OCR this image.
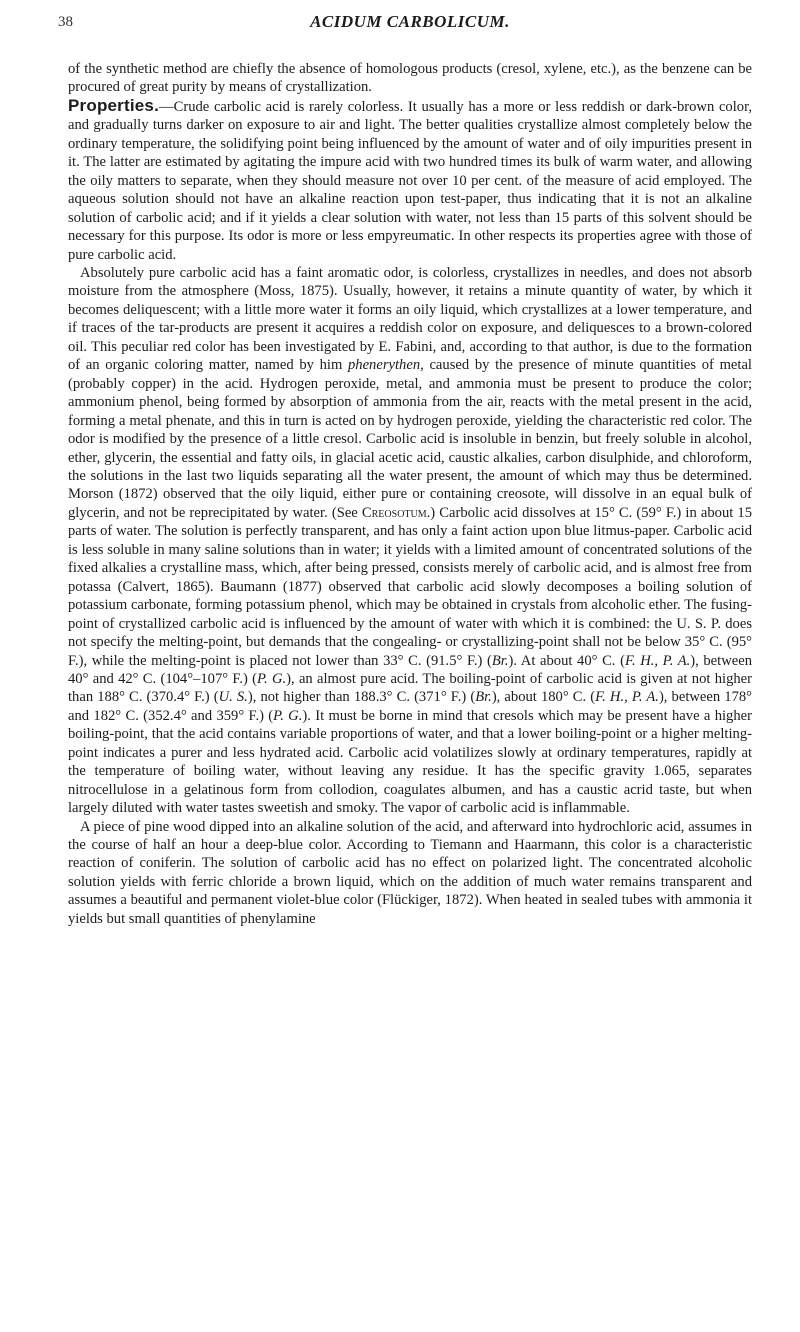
38	ACIDUM CARBOLICUM.

of the synthetic method are chiefly the absence of homologous products (cresol, xylene, etc.), as the benzene can be procured of great purity by means of crystallization.

Properties.—Crude carbolic acid is rarely colorless. It usually has a more or less reddish or dark-brown color, and gradually turns darker on exposure to air and light. The better qualities crystallize almost completely below the ordinary temperature, the solidifying point being influenced by the amount of water and of oily impurities present in it. The latter are estimated by agitating the impure acid with two hundred times its bulk of warm water, and allowing the oily matters to separate, when they should measure not over 10 per cent. of the measure of acid employed. The aqueous solution should not have an alkaline reaction upon test-paper, thus indicating that it is not an alkaline solution of carbolic acid; and if it yields a clear solution with water, not less than 15 parts of this solvent should be necessary for this purpose. Its odor is more or less empyreumatic. In other respects its properties agree with those of pure carbolic acid.

Absolutely pure carbolic acid has a faint aromatic odor, is colorless, crystallizes in needles, and does not absorb moisture from the atmosphere (Moss, 1875). Usually, however, it retains a minute quantity of water, by which it becomes deliquescent; with a little more water it forms an oily liquid, which crystallizes at a lower temperature, and if traces of the tar-products are present it acquires a reddish color on exposure, and deliquesces to a brown-colored oil. This peculiar red color has been investigated by E. Fabini, and, according to that author, is due to the formation of an organic coloring matter, named by him phenerythen, caused by the presence of minute quantities of metal (probably copper) in the acid. Hydrogen peroxide, metal, and ammonia must be present to produce the color; ammonium phenol, being formed by absorption of ammonia from the air, reacts with the metal present in the acid, forming a metal phenate, and this in turn is acted on by hydrogen peroxide, yielding the characteristic red color. The odor is modified by the presence of a little cresol. Carbolic acid is insoluble in benzin, but freely soluble in alcohol, ether, glycerin, the essential and fatty oils, in glacial acetic acid, caustic alkalies, carbon disulphide, and chloroform, the solutions in the last two liquids separating all the water present, the amount of which may thus be determined. Morson (1872) observed that the oily liquid, either pure or containing creosote, will dissolve in an equal bulk of glycerin, and not be reprecipitated by water. (See Creosotum.) Carbolic acid dissolves at 15° C. (59° F.) in about 15 parts of water. The solution is perfectly transparent, and has only a faint action upon blue litmus-paper. Carbolic acid is less soluble in many saline solutions than in water; it yields with a limited amount of concentrated solutions of the fixed alkalies a crystalline mass, which, after being pressed, consists merely of carbolic acid, and is almost free from potassa (Calvert, 1865). Baumann (1877) observed that carbolic acid slowly decomposes a boiling solution of potassium carbonate, forming potassium phenol, which may be obtained in crystals from alcoholic ether. The fusing-point of crystallized carbolic acid is influenced by the amount of water with which it is combined: the U. S. P. does not specify the melting-point, but demands that the congealing- or crystallizing-point shall not be below 35° C. (95° F.), while the melting-point is placed not lower than 33° C. (91.5° F.) (Br.). At about 40° C. (F. H., P. A.), between 40° and 42° C. (104°–107° F.) (P. G.), an almost pure acid. The boiling-point of carbolic acid is given at not higher than 188° C. (370.4° F.) (U. S.), not higher than 188.3° C. (371° F.) (Br.), about 180° C. (F. H., P. A.), between 178° and 182° C. (352.4° and 359° F.) (P. G.). It must be borne in mind that cresols which may be present have a higher boiling-point, that the acid contains variable proportions of water, and that a lower boiling-point or a higher melting-point indicates a purer and less hydrated acid. Carbolic acid volatilizes slowly at ordinary temperatures, rapidly at the temperature of boiling water, without leaving any residue. It has the specific gravity 1.065, separates nitrocellulose in a gelatinous form from collodion, coagulates albumen, and has a caustic acrid taste, but when largely diluted with water tastes sweetish and smoky. The vapor of carbolic acid is inflammable.

A piece of pine wood dipped into an alkaline solution of the acid, and afterward into hydrochloric acid, assumes in the course of half an hour a deep-blue color. According to Tiemann and Haarmann, this color is a characteristic reaction of coniferin. The solution of carbolic acid has no effect on polarized light. The concentrated alcoholic solution yields with ferric chloride a brown liquid, which on the addition of much water remains transparent and assumes a beautiful and permanent violet-blue color (Flückiger, 1872). When heated in sealed tubes with ammonia it yields but small quantities of phenylamine
